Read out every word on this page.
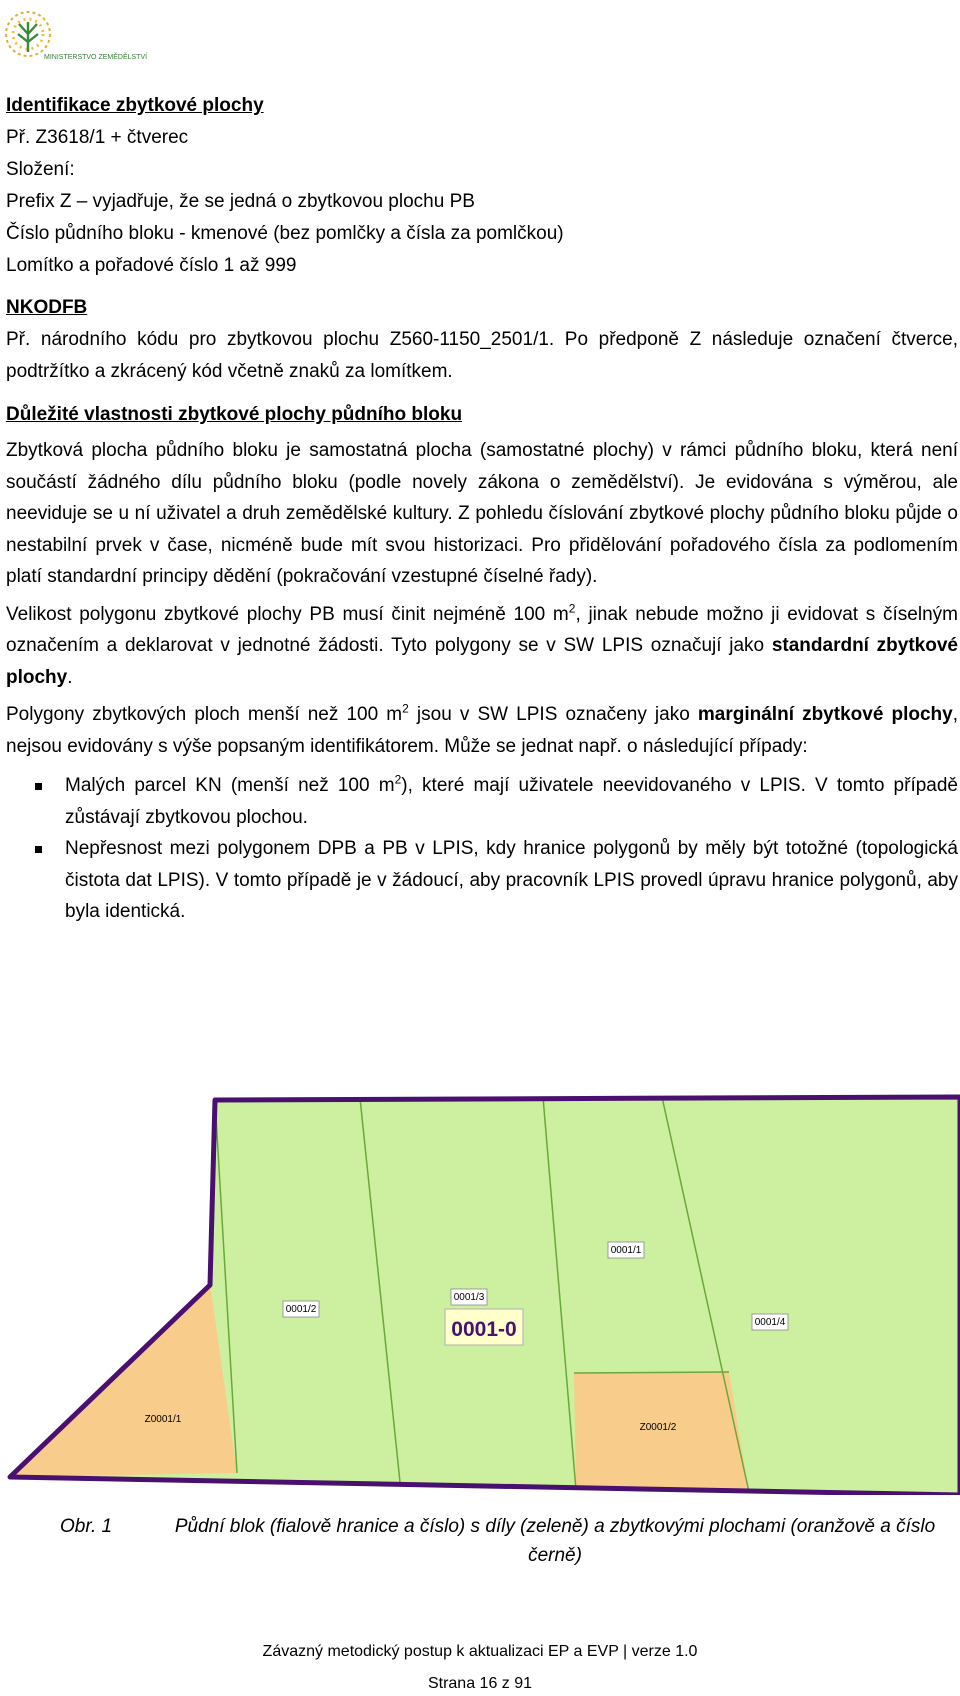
MINISTERSTVO ZEMĚDĚLSTVÍ
Identifikace zbytkové plochy
Př. Z3618/1 + čtverec
Složení:
Prefix Z – vyjadřuje, že se jedná o zbytkovou plochu PB
Číslo půdního bloku - kmenové (bez pomlčky a čísla za pomlčkou)
Lomítko a pořadové číslo 1 až 999
NKODFB

Př. národního kódu pro zbytkovou plochu Z560-1150_2501/1. Po předponě Z následuje označení čtverce, podtržítko a zkrácený kód včetně znaků za lomítkem.

Důležité vlastnosti zbytkové plochy půdního bloku

Zbytková plocha půdního bloku je samostatná plocha (samostatné plochy) v rámci půdního bloku, která není součástí žádného dílu půdního bloku (podle novely zákona o zemědělství). Je evidována s výměrou, ale neeviduje se u ní uživatel a druh zemědělské kultury. Z pohledu číslování zbytkové plochy půdního bloku půjde o nestabilní prvek v čase, nicméně bude mít svou historizaci. Pro přidělování pořadového čísla za podlomením platí standardní principy dědění (pokračování vzestupné číselné řady).

Velikost polygonu zbytkové plochy PB musí činit nejméně 100 $m^2$, jinak nebude možno ji evidovat s číselným označením a deklarovat v jednotné žádosti. Tyto polygony se v SW LPIS označují jako standardní zbytkové plochy.

Polygony zbytkových ploch menší než 100 $m^2$ jsou v SW LPIS označeny jako marginální zbytkové plochy, nejsou evidovány s výše popsaným identifikátorem. Může se jednat např. o následující případy:

Malých parcel KN (menší než 100 $m^2$), které mají uživatele neevidovaného v LPIS. V tomto případě zůstávají zbytkovou plochou.
Nepřesnost mezi polygonem DPB a PB v LPIS, kdy hranice polygonů by měly být totožné (topologická čistota dat LPIS). V tomto případě je v žádoucí, aby pracovník LPIS provedl úpravu hranice polygonů, aby byla identická.
0001/2
0001/3
0001/1
0001/4
Z0001/1
Z0001/2
0001-0
Obr. 1	Půdní blok (fialově hranice a číslo) s díly (zeleně) a zbytkovými plochami (oranžově a číslo černě)
Závazný metodický postup k aktualizaci EP a EVP | verze 1.0
Strana 16 z 91
